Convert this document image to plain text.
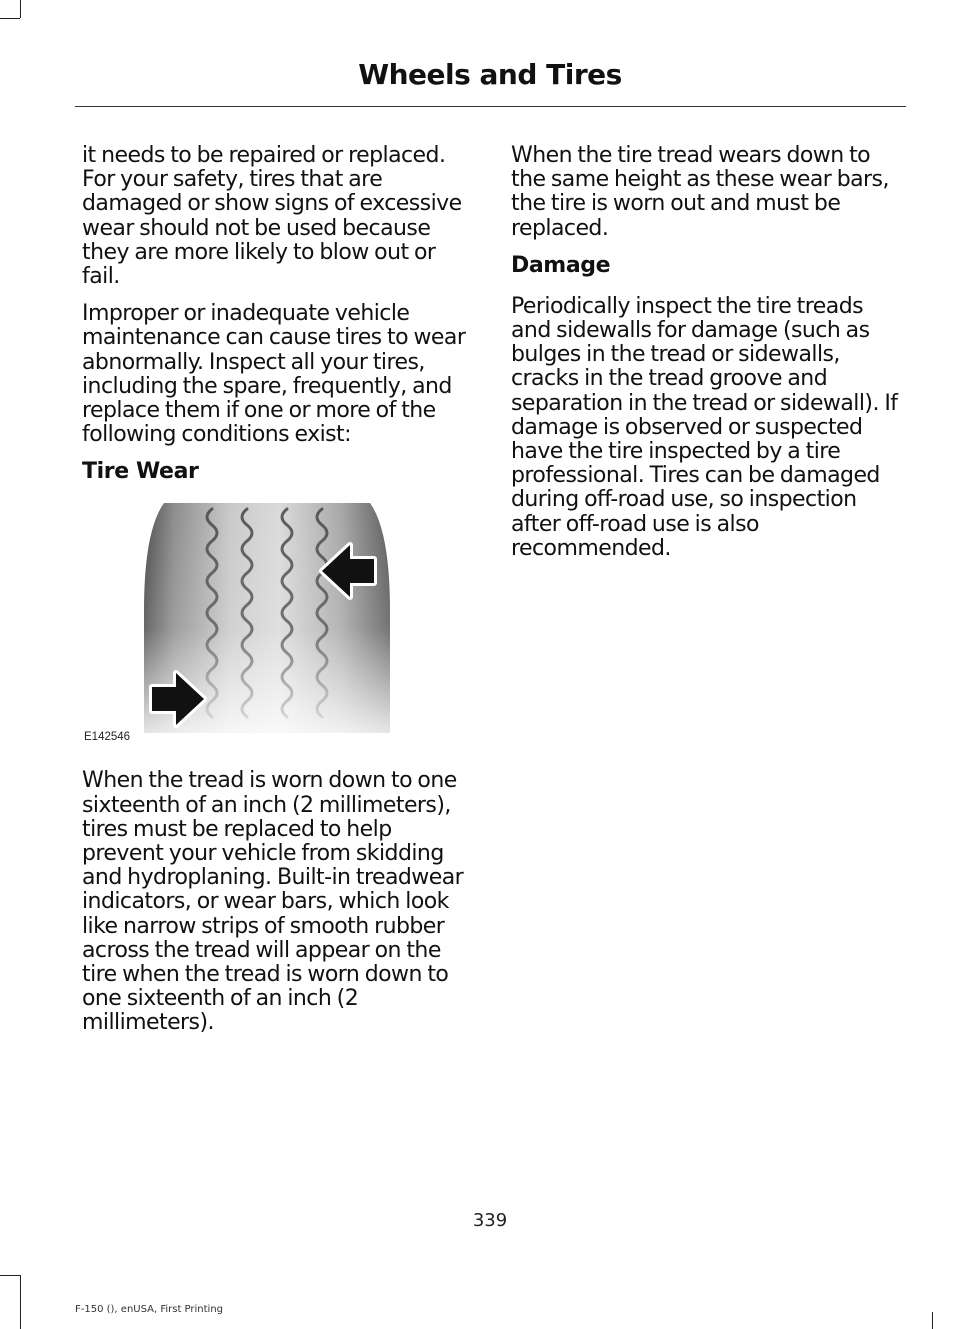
Wheels and Tires

it needs to be repaired or replaced. For your safety, tires that are damaged or show signs of excessive wear should not be used because they are more likely to blow out or fail.

Improper or inadequate vehicle maintenance can cause tires to wear abnormally. Inspect all your tires, including the spare, frequently, and replace them if one or more of the following conditions exist:

Tire Wear
E142546

When the tread is worn down to one sixteenth of an inch (2 millimeters), tires must be replaced to help prevent your vehicle from skidding and hydroplaning. Built-in treadwear indicators, or wear bars, which look like narrow strips of smooth rubber across the tread will appear on the tire when the tread is worn down to one sixteenth of an inch (2 millimeters).

When the tire tread wears down to the same height as these wear bars, the tire is worn out and must be replaced.

Damage

Periodically inspect the tire treads and sidewalls for damage (such as bulges in the tread or sidewalls, cracks in the tread groove and separation in the tread or sidewall). If damage is observed or suspected have the tire inspected by a tire professional. Tires can be damaged during off-road use, so inspection after off-road use is also recommended.

339
F-150 (), enUSA, First Printing
